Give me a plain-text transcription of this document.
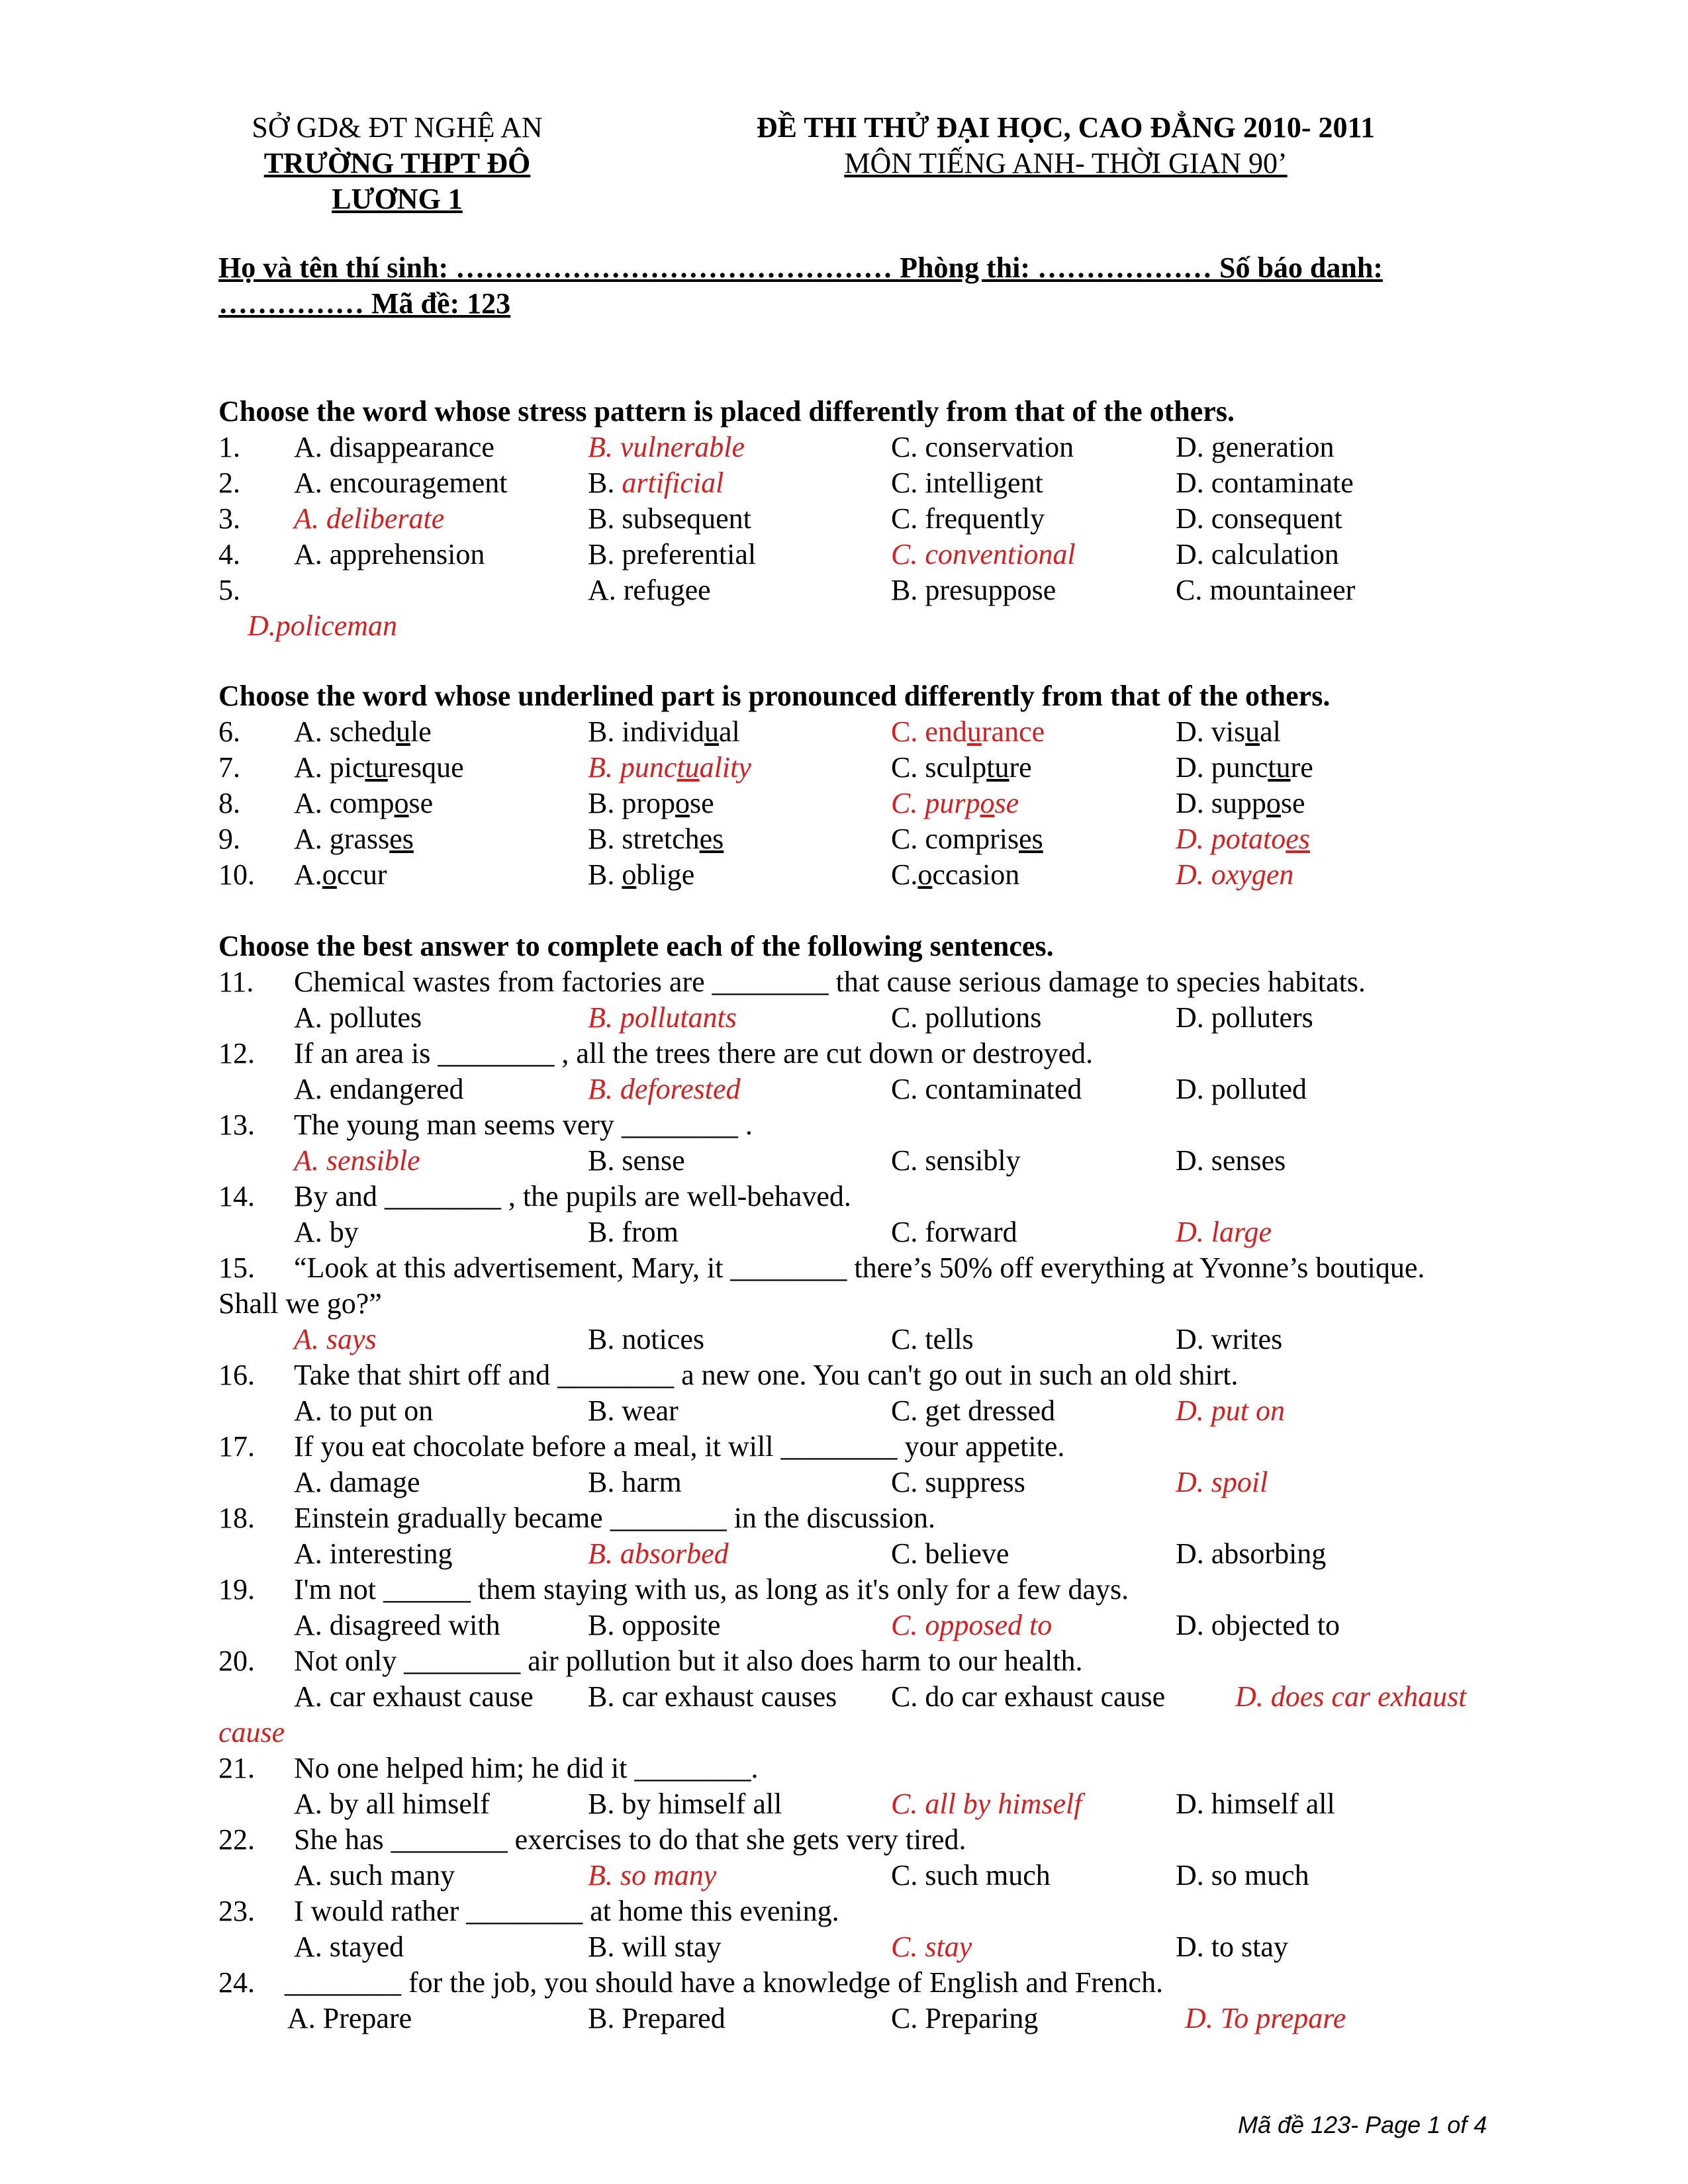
SỞ GD& ĐT NGHỆ AN
TRƯỜNG THPT ĐÔ
LƯƠNG 1
ĐỀ THI THỬ ĐẠI HỌC, CAO ĐẲNG 2010- 2011
MÔN TIẾNG ANH- THỜI GIAN 90’
Họ và tên thí sinh: ……………………………………… Phòng thi: ……………… Số báo danh:
…………… Mã đề: 123
Choose the word whose stress pattern is placed differently from that of the others.
1. A. disappearance	B. vulnerable	C. conservation	D. generation
2. A. encouragement	B. artificial	C. intelligent	D. contaminate
3. A. deliberate	B. subsequent	C. frequently	D. consequent
4. A. apprehension	B. preferential	C. conventional	D. calculation
5.	A. refugee	B. presuppose	C. mountaineer
D.policeman
Choose the word whose underlined part is pronounced differently from that of the others.
6. A. schedule	B. individual	C. endurance	D. visual
7. A. picturesque	B. punctuality	C. sculpture	D. puncture
8. A. compose	B. propose	C. purpose	D. suppose
9. A. grasses	B. stretches	C. comprises	D. potatoes
10. A.occur	B. oblige	C.occasion	D. oxygen
Choose the best answer to complete each of the following sentences.
11. Chemical wastes from factories are ________ that cause serious damage to species habitats.
A. pollutes	B. pollutants	C. pollutions	D. polluters
12. If an area is ________ , all the trees there are cut down or destroyed.
A. endangered	B. deforested	C. contaminated	D. polluted
13. The young man seems very ________ .
A. sensible	B. sense	C. sensibly	D. senses
14. By and ________ , the pupils are well-behaved.
A. by	B. from	C. forward	D. large
15. “Look at this advertisement, Mary, it ________ there’s 50% off everything at Yvonne’s boutique.
Shall we go?”
A. says	B. notices	C. tells	D. writes
16. Take that shirt off and ________ a new one. You can't go out in such an old shirt.
A. to put on	B. wear	C. get dressed	D. put on
17. If you eat chocolate before a meal, it will ________ your appetite.
A. damage	B. harm	C. suppress	D. spoil
18. Einstein gradually became ________ in the discussion.
A. interesting	B. absorbed	C. believe	D. absorbing
19. I'm not ______ them staying with us, as long as it's only for a few days.
A. disagreed with	B. opposite	C. opposed to	D. objected to
20. Not only ________ air pollution but it also does harm to our health.
A. car exhaust cause B. car exhaust causes C. do car exhaust cause D. does car exhaust
cause
21. No one helped him; he did it ________.
A. by all himself	B. by himself all	C. all by himself	D. himself all
22. She has ________ exercises to do that she gets very tired.
A. such many	B. so many	C. such much	D. so much
23. I would rather ________ at home this evening.
A. stayed	B. will stay	C. stay	D. to stay
24. ________ for the job, you should have a knowledge of English and French.
A. Prepare	B. Prepared	C. Preparing	D. To prepare
Mã đề 123- Page 1 of 4
